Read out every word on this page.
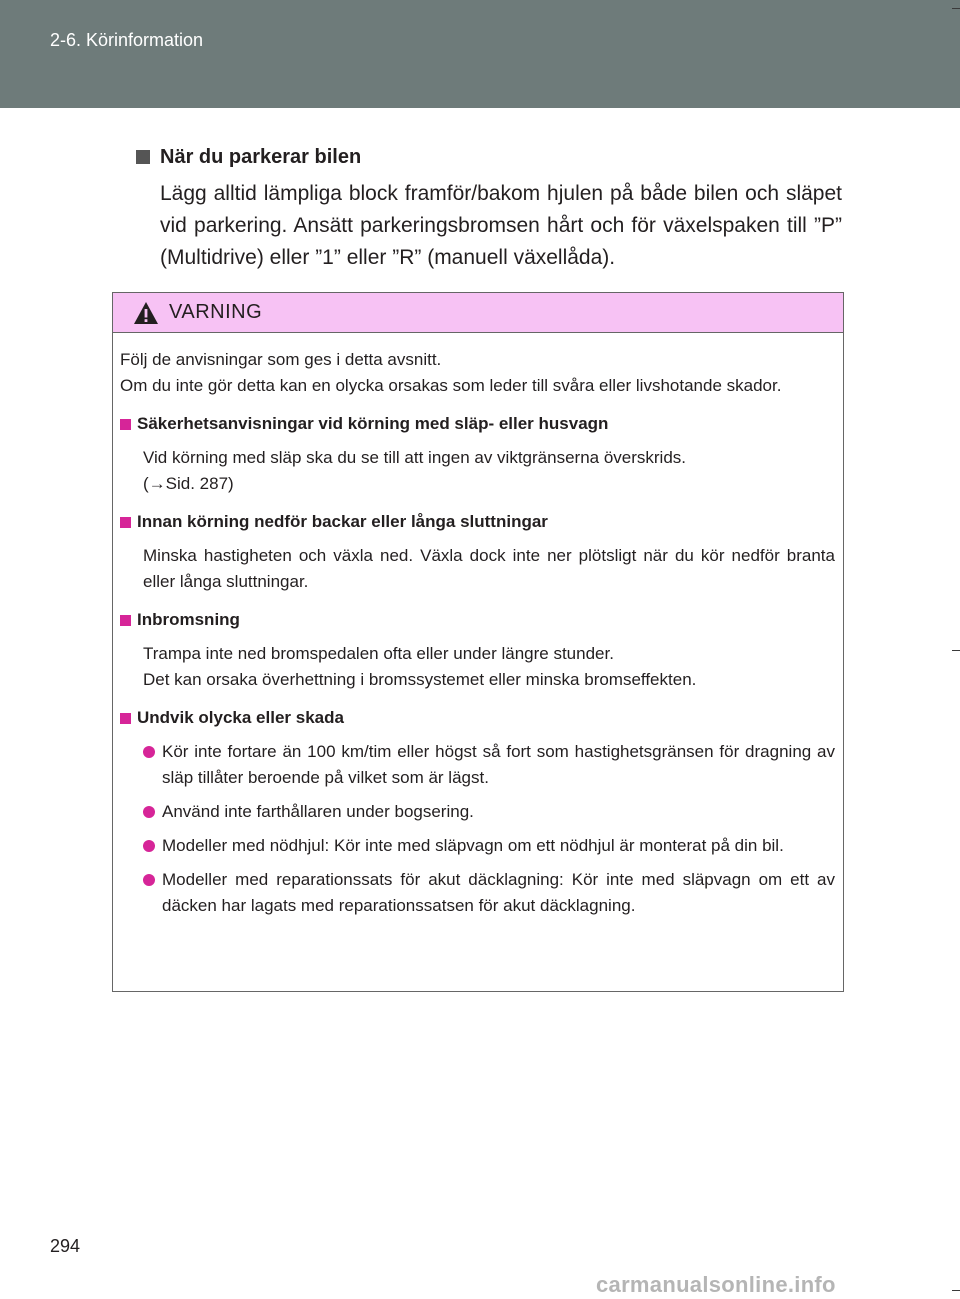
2-6. Körinformation
När du parkerar bilen
Lägg alltid lämpliga block framför/bakom hjulen på både bilen och släpet vid parkering. Ansätt parkeringsbromsen hårt och för växelspaken till ”P” (Multidrive) eller ”1” eller ”R” (manuell växellåda).
VARNING

Följ de anvisningar som ges i detta avsnitt.

Om du inte gör detta kan en olycka orsakas som leder till svåra eller livshotande skador.

Säkerhetsanvisningar vid körning med släp- eller husvagn

Vid körning med släp ska du se till att ingen av viktgränserna överskrids.

(→Sid. 287)

Innan körning nedför backar eller långa sluttningar

Minska hastigheten och växla ned. Växla dock inte ner plötsligt när du kör nedför branta eller långa sluttningar.

Inbromsning

Trampa inte ned bromspedalen ofta eller under längre stunder.

Det kan orsaka överhettning i bromssystemet eller minska bromseffekten.

Undvik olycka eller skada
Kör inte fortare än 100 km/tim eller högst så fort som hastighetsgränsen för dragning av släp tillåter beroende på vilket som är lägst.
Använd inte farthållaren under bogsering.
Modeller med nödhjul: Kör inte med släpvagn om ett nödhjul är monterat på din bil.
Modeller med reparationssats för akut däcklagning: Kör inte med släpvagn om ett av däcken har lagats med reparationssatsen för akut däcklagning.
294
carmanualsonline.info
